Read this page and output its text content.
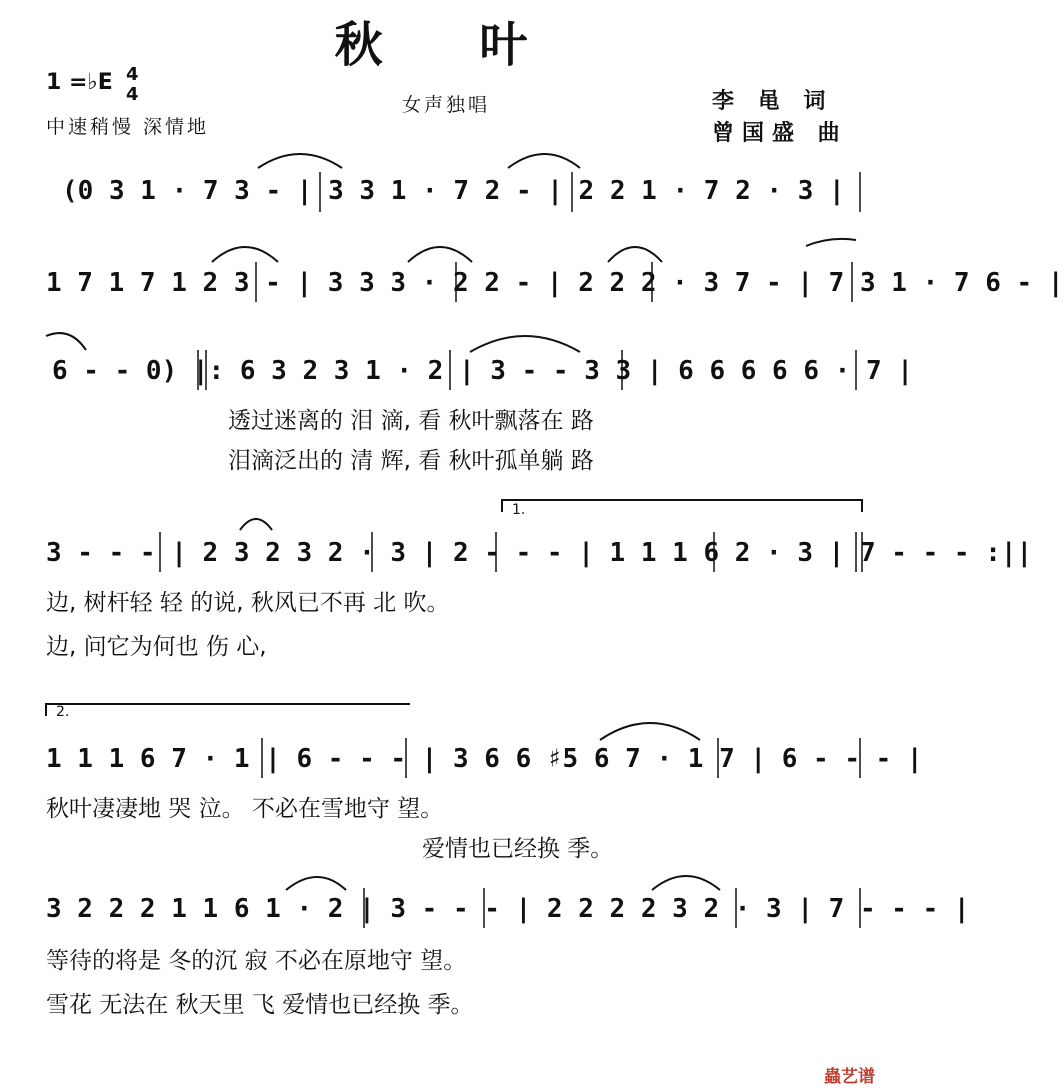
秋 叶
1 =♭E 4
4
中速稍慢 深情地
女声独唱	李 黾 词
曾国盛 曲
(0 3 1 · 7 3 - | 3 3 1 · 7 2 - | 2 2 1 · 7 2 · 3 |
1 7 1 7 1 2 3 - | 3 3 3 · 2 2 - | 2 2 2 · 3 7 - | 7 3 1 · 7 6 - |
6 - - 0) |: 6 3 2 3 1 · 2 | 3 - - 3 3 | 6 6 6 6 6 · 7 |
透过迷离的 泪 滴, 看 秋叶飘落在 路
泪滴泛出的 清 辉, 看 秋叶孤单躺 路
1.
3 - - - | 2 3 2 3 2 · 3 | 2 - - - | 1 1 1 6 2 · 3 | 7 - - - :||
边, 树杆轻 轻 的说, 秋风已不再 北 吹。
边, 问它为何也 伤 心,
2.
1 1 1 6 7 · 1 | 6 - - - | 3 6 6 ♯5 6 7 · 1 7 | 6 - - - |
秋叶凄凄地 哭 泣。 不必在雪地守 望。
爱情也已经换 季。
3 2 2 2 1 1 6 1 · 2 | 3 - - - | 2 2 2 2 3 2 · 3 | 7 - - - |
等待的将是 冬的沉 寂 不必在原地守 望。
雪花 无法在 秋天里 飞 爱情也已经换 季。
蟲艺谱
